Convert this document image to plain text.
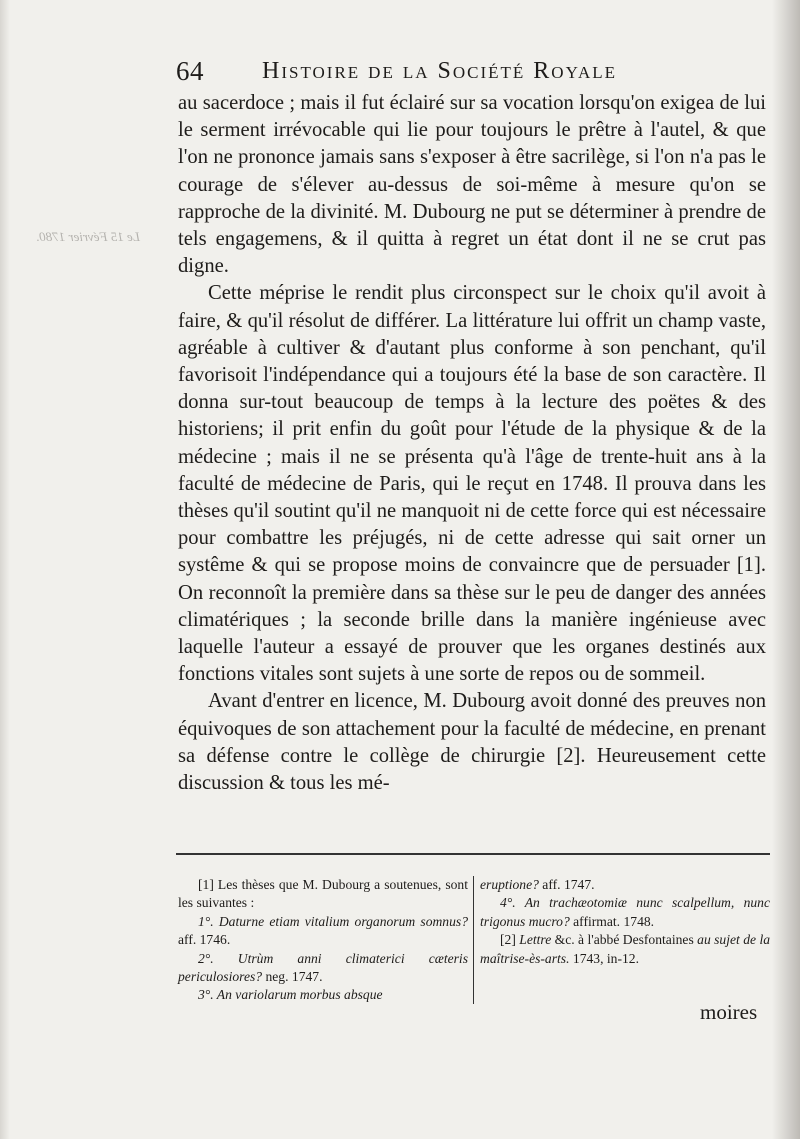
64 Histoire de la Société Royale
Le 15 Février 1780.

au sacerdoce ; mais il fut éclairé sur sa vocation lorsqu'on exigea de lui le serment irrévocable qui lie pour toujours le prêtre à l'autel, & que l'on ne prononce jamais sans s'exposer à être sacrilège, si l'on n'a pas le courage de s'élever au-dessus de soi-même à mesure qu'on se rapproche de la divinité. M. Dubourg ne put se déterminer à prendre de tels engagemens, & il quitta à regret un état dont il ne se crut pas digne.

Cette méprise le rendit plus circonspect sur le choix qu'il avoit à faire, & qu'il résolut de différer. La littérature lui offrit un champ vaste, agréable à cultiver & d'autant plus conforme à son penchant, qu'il favorisoit l'indépendance qui a toujours été la base de son caractère. Il donna sur-tout beaucoup de temps à la lecture des poëtes & des historiens; il prit enfin du goût pour l'étude de la physique & de la médecine ; mais il ne se présenta qu'à l'âge de trente-huit ans à la faculté de médecine de Paris, qui le reçut en 1748. Il prouva dans les thèses qu'il soutint qu'il ne manquoit ni de cette force qui est nécessaire pour combattre les préjugés, ni de cette adresse qui sait orner un systême & qui se propose moins de convaincre que de persuader [1]. On reconnoît la première dans sa thèse sur le peu de danger des années climatériques ; la seconde brille dans la manière ingénieuse avec laquelle l'auteur a essayé de prouver que les organes destinés aux fonctions vitales sont sujets à une sorte de repos ou de sommeil.

Avant d'entrer en licence, M. Dubourg avoit donné des preuves non équivoques de son attachement pour la faculté de médecine, en prenant sa défense contre le collège de chirurgie [2]. Heureusement cette discussion & tous les mé-

[1] Les thèses que M. Dubourg a soutenues, sont les suivantes :

1°. Daturne etiam vitalium organorum somnus? aff. 1746.

2°. Utrùm anni climaterici cæteris periculosiores? neg. 1747.

3°. An variolarum morbus absque

eruptione? aff. 1747.

4°. An trachæotomiæ nunc scalpellum, nunc trigonus mucro? affirmat. 1748.

[2] Lettre &c. à l'abbé Desfontaines au sujet de la maîtrise-ès-arts. 1743, in-12.

moires
